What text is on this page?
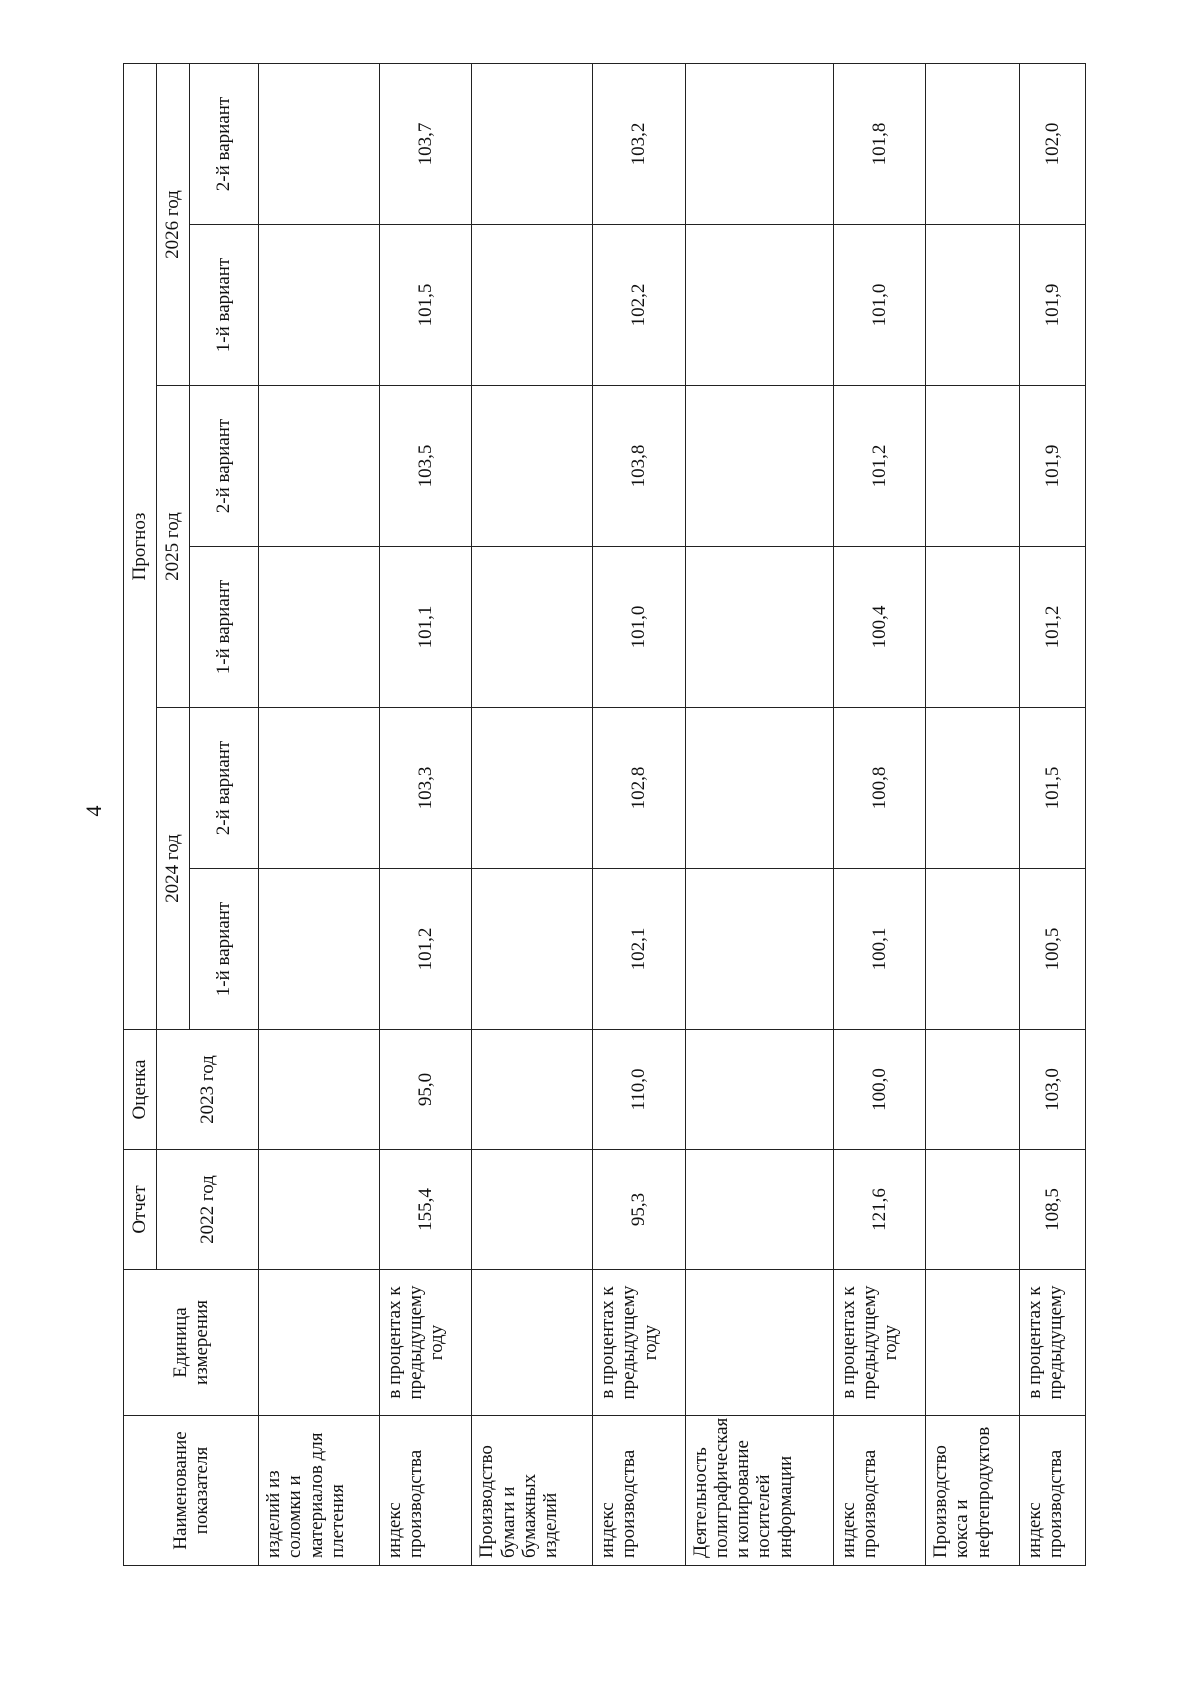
4
Наименование показателя	Единица измерения	Отчет	Оценка	Прогноз					
		2022 год	2023 год	2024 год		2025 год		2026 год	
				1-й вариант	2-й вариант	1-й вариант	2-й вариант	1-й вариант	2-й вариант
изделий из соломки и материалов для плетения									
индекс производства	в процентах к предыдущему году	155,4	95,0	101,2	103,3	101,1	103,5	101,5	103,7
Производство бумаги и бумажных изделий									
индекс производства	в процентах к предыдущему году	95,3	110,0	102,1	102,8	101,0	103,8	102,2	103,2
Деятельность полиграфическая и копирование носителей информации									
индекс производства	в процентах к предыдущему году	121,6	100,0	100,1	100,8	100,4	101,2	101,0	101,8
Производство кокса и нефтепродуктов									
индекс производства	в процентах к предыдущему	108,5	103,0	100,5	101,5	101,2	101,9	101,9	102,0
